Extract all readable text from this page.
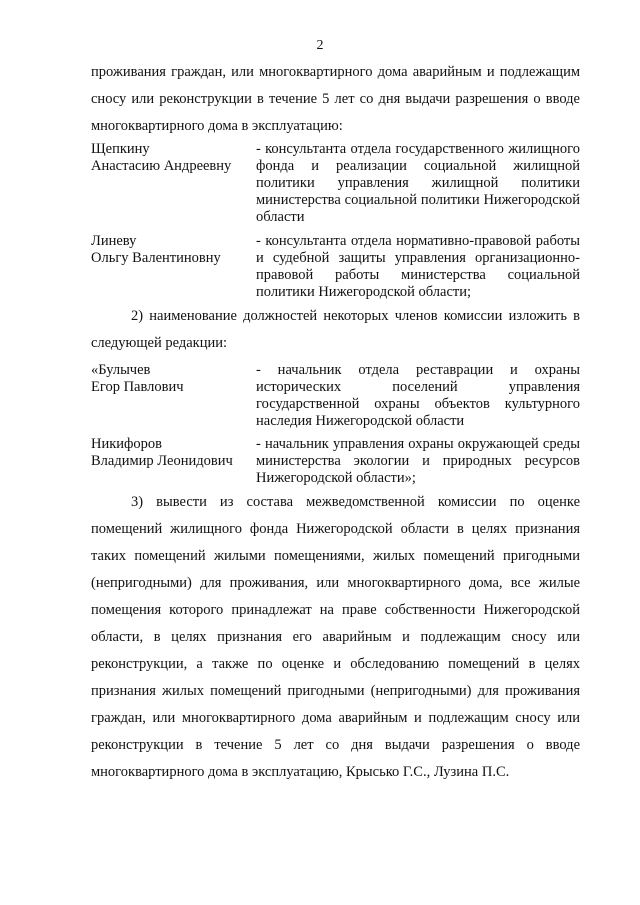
2

проживания граждан, или многоквартирного дома аварийным и подлежащим сносу или реконструкции в течение 5 лет со дня выдачи разрешения о вводе многоквартирного дома в эксплуатацию:

Щепкину
Анастасию Андреевну
- консультанта отдела государственного жилищного фонда и реализации социальной жилищной политики управления жилищной политики министерства социальной политики Нижегородской области
Линеву
Ольгу Валентиновну
- консультанта отдела нормативно-правовой работы и судебной защиты управления организационно-правовой работы министерства социальной политики Нижегородской области;

2) наименование должностей некоторых членов комиссии изложить в следующей редакции:

«Булычев
Егор Павлович
- начальник отдела реставрации и охраны исторических поселений управления государственной охраны объектов культурного наследия Нижегородской области
Никифоров
Владимир Леонидович
- начальник управления охраны окружающей среды министерства экологии и природных ресурсов Нижегородской области»;

3) вывести из состава межведомственной комиссии по оценке помещений жилищного фонда Нижегородской области в целях признания таких помещений жилыми помещениями, жилых помещений пригодными (непригодными) для проживания, или многоквартирного дома, все жилые помещения которого принадлежат на праве собственности Нижегородской области, в целях признания его аварийным и подлежащим сносу или реконструкции, а также по оценке и обследованию помещений в целях признания жилых помещений пригодными (непригодными) для проживания граждан, или многоквартирного дома аварийным и подлежащим сносу или реконструкции в течение 5 лет со дня выдачи разрешения о вводе многоквартирного дома в эксплуатацию, Крысько Г.С., Лузина П.С.
